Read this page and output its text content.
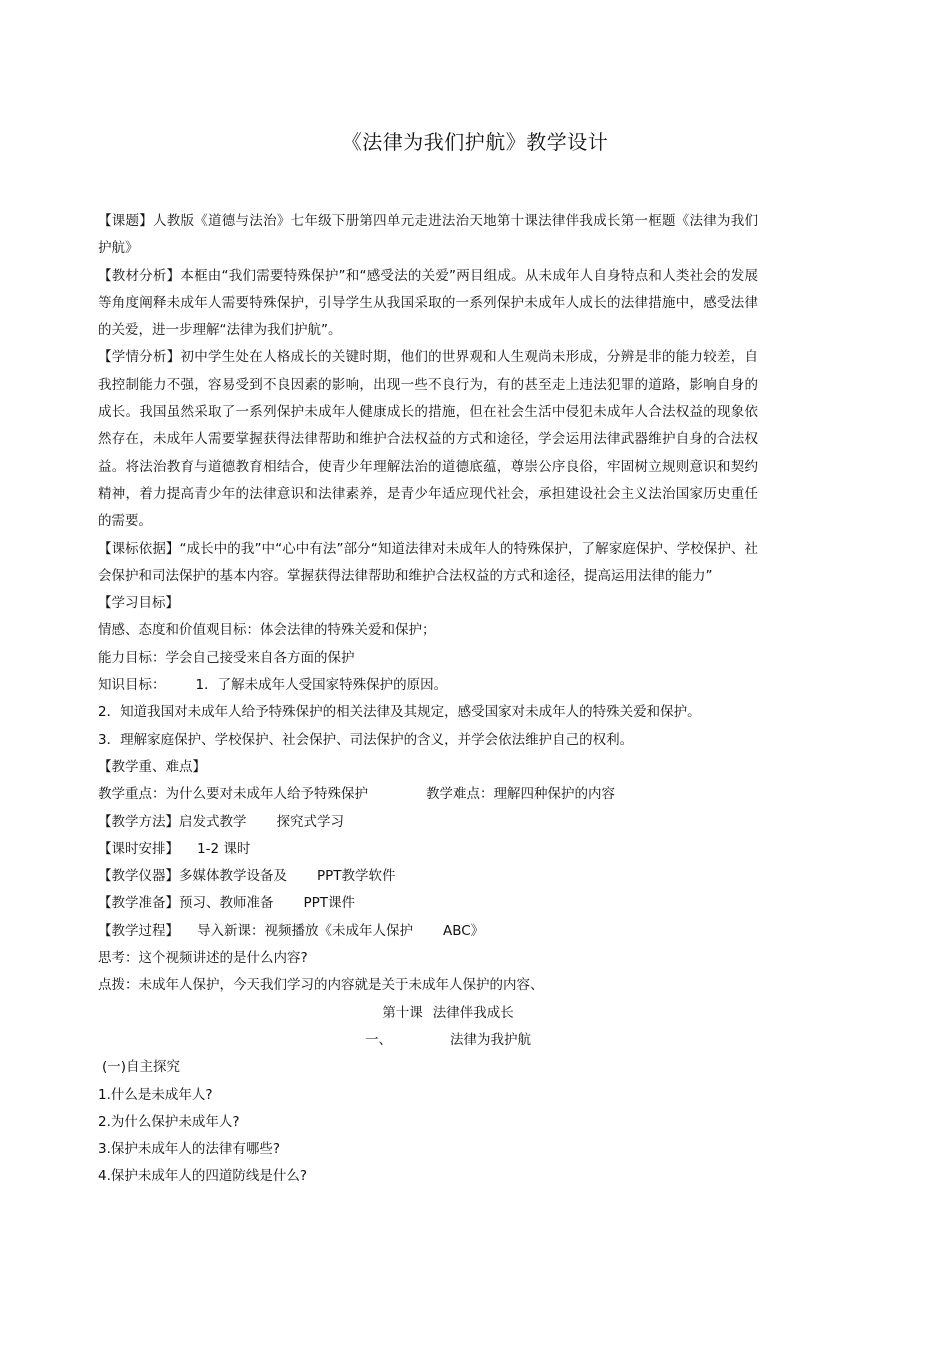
《法律为我们护航》教学设计

【课题】人教版《道德与法治》七年级下册第四单元走进法治天地第十课法律伴我成长第一框题《法律为我们护航》

【教材分析】本框由“我们需要特殊保护”和“感受法的关爱”两目组成。从未成年人自身特点和人类社会的发展等角度阐释未成年人需要特殊保护，引导学生从我国采取的一系列保护未成年人成长的法律措施中，感受法律的关爱，进一步理解“法律为我们护航”。

【学情分析】初中学生处在人格成长的关键时期，他们的世界观和人生观尚未形成，分辨是非的能力较差，自我控制能力不强，容易受到不良因素的影响，出现一些不良行为，有的甚至走上违法犯罪的道路，影响自身的成长。我国虽然采取了一系列保护未成年人健康成长的措施，但在社会生活中侵犯未成年人合法权益的现象依然存在，未成年人需要掌握获得法律帮助和维护合法权益的方式和途径，学会运用法律武器维护自身的合法权益。将法治教育与道德教育相结合，使青少年理解法治的道德底蕴，尊崇公序良俗，牢固树立规则意识和契约精神，着力提高青少年的法律意识和法律素养，是青少年适应现代社会，承担建设社会主义法治国家历史重任的需要。

【课标依据】“成长中的我”中“心中有法”部分“知道法律对未成年人的特殊保护，了解家庭保护、学校保护、社会保护和司法保护的基本内容。掌握获得法律帮助和维护合法权益的方式和途径，提高运用法律的能力”

【学习目标】

情感、态度和价值观目标：体会法律的特殊关爱和保护；

能力目标：学会自己接受来自各方面的保护

知识目标： 1．了解未成年人受国家特殊保护的原因。

2．知道我国对未成年人给予特殊保护的相关法律及其规定，感受国家对未成年人的特殊关爱和保护。

3．理解家庭保护、学校保护、社会保护、司法保护的含义，并学会依法维护自己的权利。

【教学重、难点】

教学重点：为什么要对未成年人给予特殊保护	教学难点：理解四种保护的内容

【教学方法】启发式教学 探究式学习

【课时安排】 1-2 课时

【教学仪器】多媒体教学设备及 PPT教学软件

【教学准备】预习、教师准备 PPT课件

【教学过程】 导入新课：视频播放《未成年人保护 ABC》

思考：这个视频讲述的是什么内容?

点拨：未成年人保护，今天我们学习的内容就是关于未成年人保护的内容、

第十课 法律伴我成长

一、	法律为我护航

(一)自主探究

1.什么是未成年人?

2.为什么保护未成年人?

3.保护未成年人的法律有哪些?

4.保护未成年人的四道防线是什么?
